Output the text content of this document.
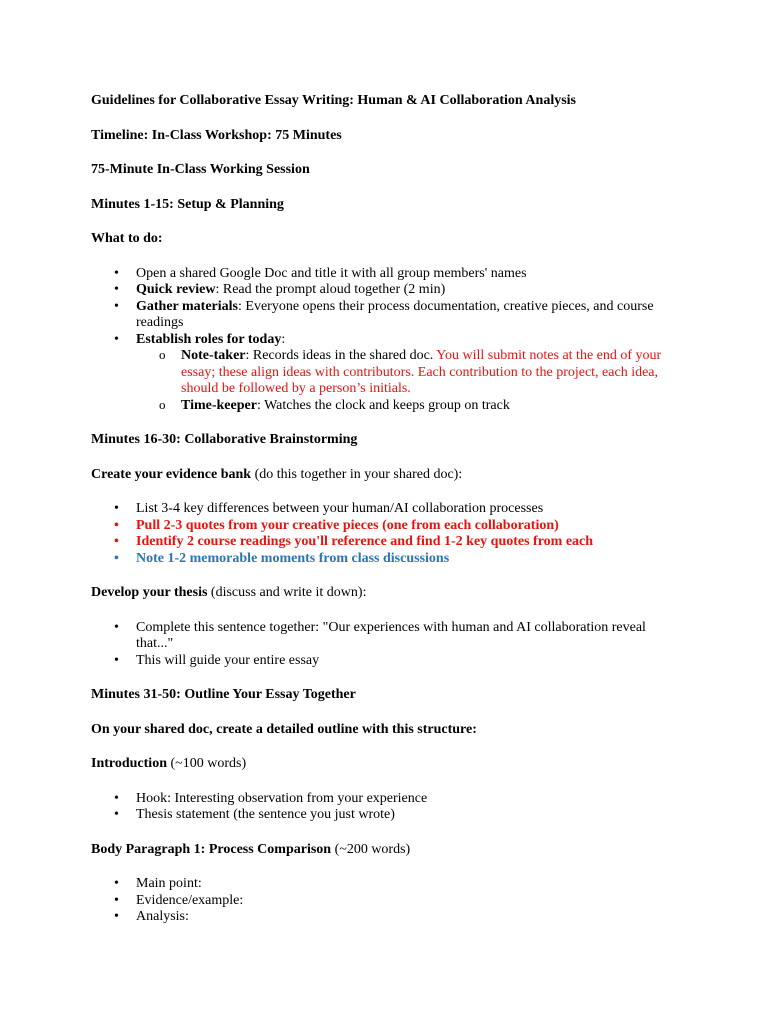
Guidelines for Collaborative Essay Writing: Human & AI Collaboration Analysis

Timeline: In-Class Workshop: 75 Minutes

75-Minute In-Class Working Session

Minutes 1-15: Setup & Planning

What to do:

• Open a shared Google Doc and title it with all group members' names
• Quick review: Read the prompt aloud together (2 min)
• Gather materials: Everyone opens their process documentation, creative pieces, and course readings
• Establish roles for today:
o Note-taker: Records ideas in the shared doc. You will submit notes at the end of your essay; these align ideas with contributors. Each contribution to the project, each idea, should be followed by a person’s initials.
o Time-keeper: Watches the clock and keeps group on track

Minutes 16-30: Collaborative Brainstorming

Create your evidence bank (do this together in your shared doc):

• List 3-4 key differences between your human/AI collaboration processes
• Pull 2-3 quotes from your creative pieces (one from each collaboration)
• Identify 2 course readings you'll reference and find 1-2 key quotes from each
• Note 1-2 memorable moments from class discussions

Develop your thesis (discuss and write it down):

• Complete this sentence together: "Our experiences with human and AI collaboration reveal that..."
• This will guide your entire essay

Minutes 31-50: Outline Your Essay Together

On your shared doc, create a detailed outline with this structure:

Introduction (~100 words)

• Hook: Interesting observation from your experience
• Thesis statement (the sentence you just wrote)

Body Paragraph 1: Process Comparison (~200 words)

• Main point:
• Evidence/example:
• Analysis:
